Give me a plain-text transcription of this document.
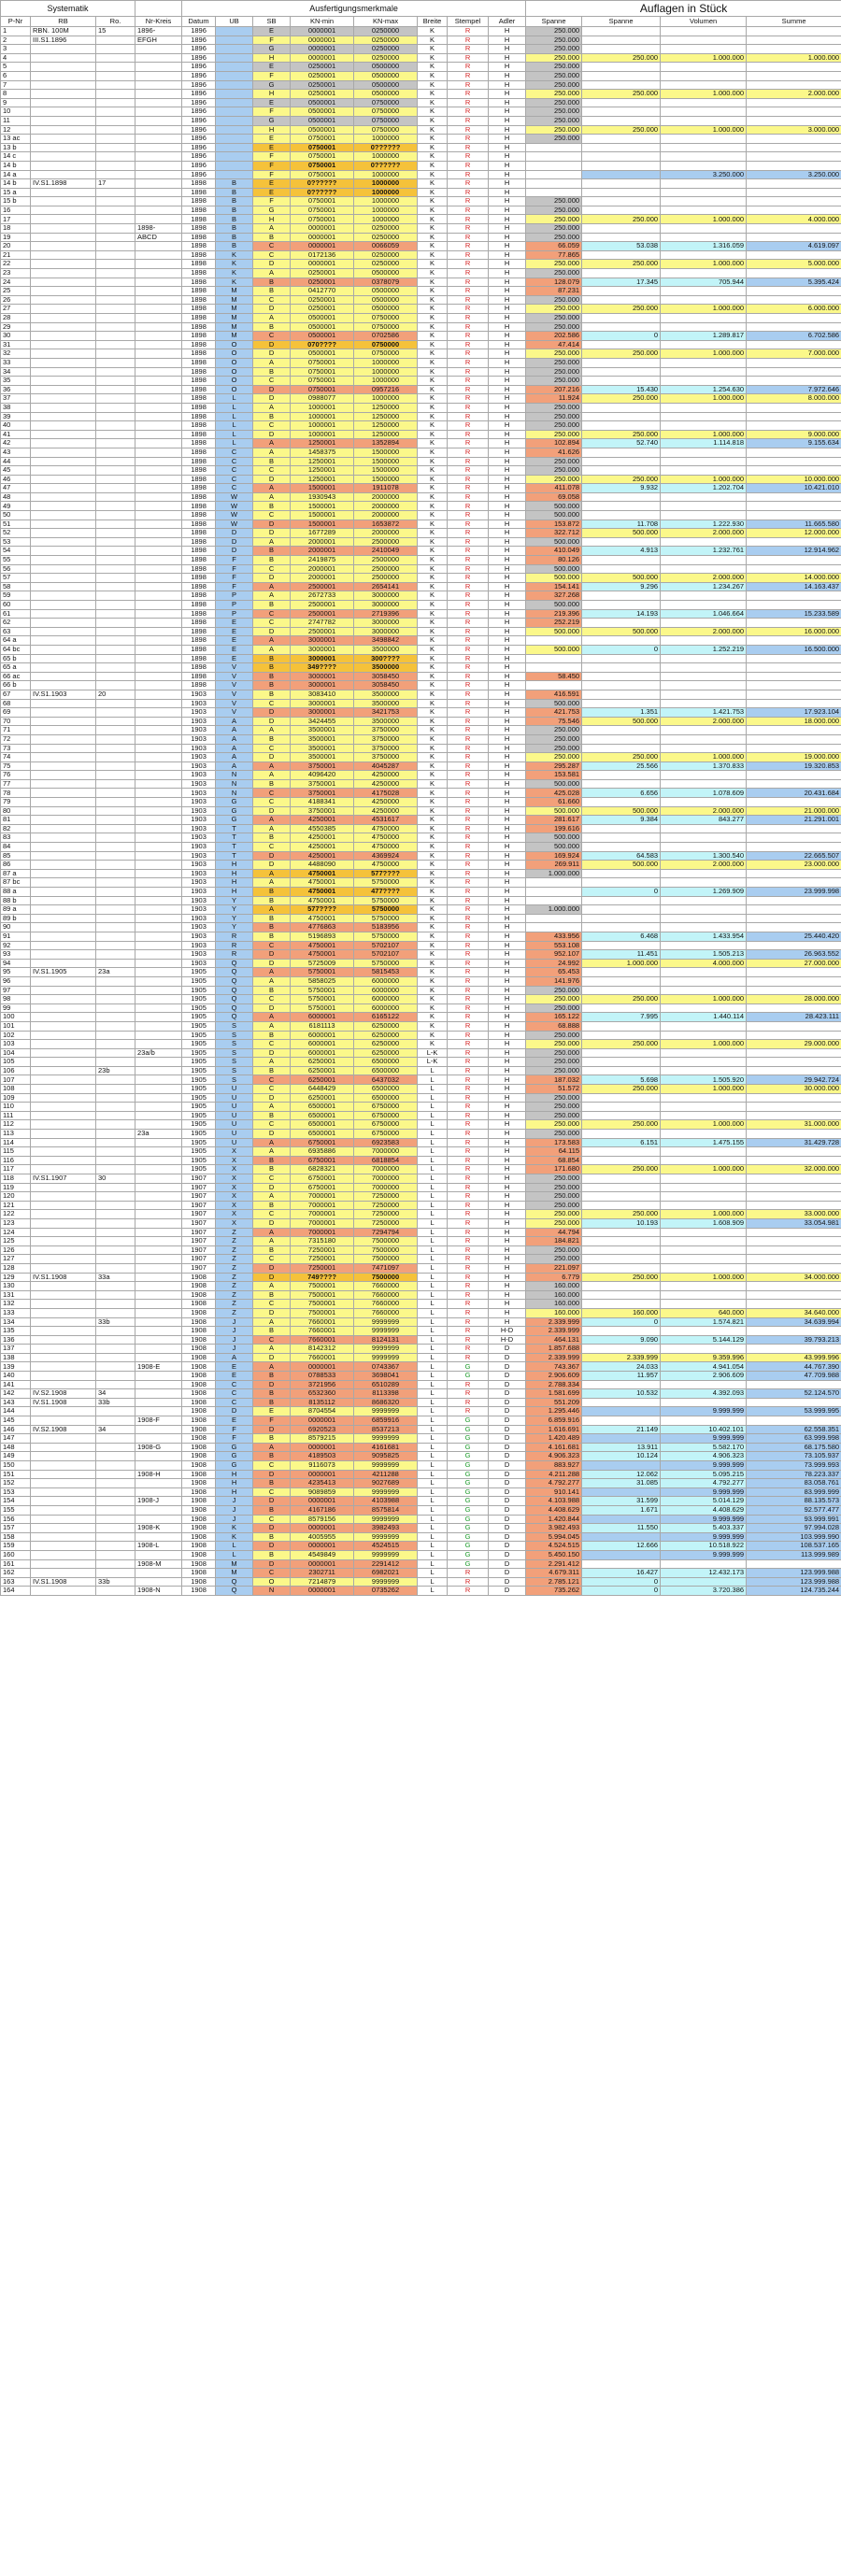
Systematik				Ausfertigungsmerkmale								Auflagen in Stück			
P-Nr	RB	Ro.	Nr-Kreis	Datum	UB	SB	KN-min	KN-max	Breite	Stempel	Adler	Spanne	Spanne	Volumen	Summe
1	RBN. 100M	15	1896-	1896		E	0000001	0250000	K	R	H	250.000			
2	III.S1.1896		EFGH	1896		F	0000001	0250000	K	R	H	250.000			
3				1896		G	0000001	0250000	K	R	H	250.000			
4				1896		H	0000001	0250000	K	R	H	250.000	250.000	1.000.000	1.000.000
5				1896		E	0250001	0500000	K	R	H	250.000			
6				1896		F	0250001	0500000	K	R	H	250.000			
7				1896		G	0250001	0500000	K	R	H	250.000			
8				1896		H	0250001	0500000	K	R	H	250.000	250.000	1.000.000	2.000.000
9				1896		E	0500001	0750000	K	R	H	250.000			
10				1896		F	0500001	0750000	K	R	H	250.000			
11				1896		G	0500001	0750000	K	R	H	250.000			
12				1896		H	0500001	0750000	K	R	H	250.000	250.000	1.000.000	3.000.000
13 ac				1896		E	0750001	1000000	K	R	H	250.000			
13 b				1896		E	0750001	0??????	K	R	H				
14 c				1896		F	0750001	1000000	K	R	H				
14 b				1896		F	0750001	0??????	K	R	H				
14 a				1896		F	0750001	1000000	K	R	H			3.250.000	3.250.000
14 b	IV.S1.1898	17		1898	B	E	0??????	1000000	K	R	H				
15 a				1898	B	E	0??????	1000000	K	R	H				
15 b				1898	B	F	0750001	1000000	K	R	H	250.000			
16				1898	B	G	0750001	1000000	K	R	H	250.000			
17				1898	B	H	0750001	1000000	K	R	H	250.000	250.000	1.000.000	4.000.000
18			1898-	1898	B	A	0000001	0250000	K	R	H	250.000			
19			ABCD	1898	B	B	0000001	0250000	K	R	H	250.000			
20				1898	B	C	0000001	0066059	K	R	H	66.059	53.038	1.316.059	4.619.097
21				1898	K	C	0172136	0250000	K	R	H	77.865			
22				1898	K	D	0000001	0250000	K	R	H	250.000	250.000	1.000.000	5.000.000
23				1898	K	A	0250001	0500000	K	R	H	250.000			
24				1898	K	B	0250001	0378079	K	R	H	128.079	17.345	705.944	5.395.424
25				1898	M	B	0412770	0500000	K	R	H	87.231			
26				1898	M	C	0250001	0500000	K	R	H	250.000			
27				1898	M	D	0250001	0500000	K	R	H	250.000	250.000	1.000.000	6.000.000
28				1898	M	A	0500001	0750000	K	R	H	250.000			
29				1898	M	B	0500001	0750000	K	R	H	250.000			
30				1898	M	C	0500001	0702586	K	R	H	202.586	0	1.289.817	6.702.586
31				1898	O	D	070????	0750000	K	R	H	47.414			
32				1898	O	D	0500001	0750000	K	R	H	250.000	250.000	1.000.000	7.000.000
33				1898	O	A	0750001	1000000	K	R	H	250.000			
34				1898	O	B	0750001	1000000	K	R	H	250.000			
35				1898	O	C	0750001	1000000	K	R	H	250.000			
36				1898	O	D	0750001	0957216	K	R	H	207.216	15.430	1.254.630	7.972.646
37				1898	L	D	0988077	1000000	K	R	H	11.924	250.000	1.000.000	8.000.000
38				1898	L	A	1000001	1250000	K	R	H	250.000			
39				1898	L	B	1000001	1250000	K	R	H	250.000			
40				1898	L	C	1000001	1250000	K	R	H	250.000			
41				1898	L	D	1000001	1250000	K	R	H	250.000	250.000	1.000.000	9.000.000
42				1898	L	A	1250001	1352894	K	R	H	102.894	52.740	1.114.818	9.155.634
43				1898	C	A	1458375	1500000	K	R	H	41.626			
44				1898	C	B	1250001	1500000	K	R	H	250.000			
45				1898	C	C	1250001	1500000	K	R	H	250.000			
46				1898	C	D	1250001	1500000	K	R	H	250.000	250.000	1.000.000	10.000.000
47				1898	C	A	1500001	1911078	K	R	H	411.078	9.932	1.202.704	10.421.010
48				1898	W	A	1930943	2000000	K	R	H	69.058			
49				1898	W	B	1500001	2000000	K	R	H	500.000			
50				1898	W	C	1500001	2000000	K	R	H	500.000			
51				1898	W	D	1500001	1653872	K	R	H	153.872	11.708	1.222.930	11.665.580
52				1898	D	D	1677289	2000000	K	R	H	322.712	500.000	2.000.000	12.000.000
53				1898	D	A	2000001	2500000	K	R	H	500.000			
54				1898	D	B	2000001	2410049	K	R	H	410.049	4.913	1.232.761	12.914.962
55				1898	F	B	2419875	2500000	K	R	H	80.126			
56				1898	F	C	2000001	2500000	K	R	H	500.000			
57				1898	F	D	2000001	2500000	K	R	H	500.000	500.000	2.000.000	14.000.000
58				1898	F	A	2500001	2654141	K	R	H	154.141	9.296	1.234.267	14.163.437
59				1898	P	A	2672733	3000000	K	R	H	327.268			
60				1898	P	B	2500001	3000000	K	R	H	500.000			
61				1898	P	C	2500001	2719396	K	R	H	219.396	14.193	1.046.664	15.233.589
62				1898	E	C	2747782	3000000	K	R	H	252.219			
63				1898	E	D	2500001	3000000	K	R	H	500.000	500.000	2.000.000	16.000.000
64 a				1898	E	A	3000001	3498842	K	R	H				
64 bc				1898	E	A	3000001	3500000	K	R	H	500.000	0	1.252.219	16.500.000
65 b				1898	E	B	3000001	300????	K	R	H				
65 a				1898	V	B	349????	3500000	K	R	H				
66 ac				1898	V	B	3000001	3058450	K	R	H	58.450			
66 b				1898	V	B	3000001	3058450	K	R	H				
67	IV.S1.1903	20		1903	V	B	3083410	3500000	K	R	H	416.591			
68				1903	V	C	3000001	3500000	K	R	H	500.000			
69				1903	V	D	3000001	3421753	K	R	H	421.753	1.351	1.421.753	17.923.104
70				1903	A	D	3424455	3500000	K	R	H	75.546	500.000	2.000.000	18.000.000
71				1903	A	A	3500001	3750000	K	R	H	250.000			
72				1903	A	B	3500001	3750000	K	R	H	250.000			
73				1903	A	C	3500001	3750000	K	R	H	250.000			
74				1903	A	D	3500001	3750000	K	R	H	250.000	250.000	1.000.000	19.000.000
75				1903	A	A	3750001	4045287	K	R	H	295.287	25.566	1.370.833	19.320.853
76				1903	N	A	4096420	4250000	K	R	H	153.581			
77				1903	N	B	3750001	4250000	K	R	H	500.000			
78				1903	N	C	3750001	4175028	K	R	H	425.028	6.656	1.078.609	20.431.684
79				1903	G	C	4188341	4250000	K	R	H	61.660			
80				1903	G	D	3750001	4250000	K	R	H	500.000	500.000	2.000.000	21.000.000
81				1903	G	A	4250001	4531617	K	R	H	281.617	9.384	843.277	21.291.001
82				1903	T	A	4550385	4750000	K	R	H	199.616			
83				1903	T	B	4250001	4750000	K	R	H	500.000			
84				1903	T	C	4250001	4750000	K	R	H	500.000			
85				1903	T	D	4250001	4369924	K	R	H	169.924	64.583	1.300.540	22.665.507
86				1903	H	D	4488090	4750000	K	R	H	269.911	500.000	2.000.000	23.000.000
87 a				1903	H	A	4750001	577????	K	R	H	1.000.000			
87 bc				1903	H	A	4750001	5750000	K	R	H				
88 a				1903	H	B	4750001	477????	K	R	H		0	1.269.909	23.999.998
88 b				1903	Y	B	4750001	5750000	K	R	H				
89 a				1903	Y	A	577????	5750000	K	R	H	1.000.000			
89 b				1903	Y	B	4750001	5750000	K	R	H				
90				1903	Y	B	4776863	5183956	K	R	H				
91				1903	R	B	5196893	5750000	K	R	H	433.956	6.468	1.433.954	25.440.420
92				1903	R	C	4750001	5702107	K	R	H	553.108			
93				1903	R	D	4750001	5702107	K	R	H	952.107	11.451	1.505.213	26.963.552
94				1903	Q	D	5725009	5750000	K	R	H	24.992	1.000.000	4.000.000	27.000.000
95	IV.S1.1905	23a		1905	Q	A	5750001	5815453	K	R	H	65.453			
96				1905	Q	A	5858025	6000000	K	R	H	141.976			
97				1905	Q	B	5750001	6000000	K	R	H	250.000			
98				1905	Q	C	5750001	6000000	K	R	H	250.000	250.000	1.000.000	28.000.000
99				1905	Q	D	5750001	6000000	K	R	H	250.000			
100				1905	Q	A	6000001	6165122	K	R	H	165.122	7.995	1.440.114	28.423.111
101				1905	S	A	6181113	6250000	K	R	H	68.888			
102				1905	S	B	6000001	6250000	K	R	H	250.000			
103				1905	S	C	6000001	6250000	K	R	H	250.000	250.000	1.000.000	29.000.000
104			23a/b	1905	S	D	6000001	6250000	L-K	R	H	250.000			
105				1905	S	A	6250001	6500000	L-K	R	H	250.000			
106		23b		1905	S	B	6250001	6500000	L	R	H	250.000			
107				1905	S	C	6250001	6437032	L	R	H	187.032	5.698	1.505.920	29.942.724
108				1905	U	C	6448429	6500000	L	R	H	51.572	250.000	1.000.000	30.000.000
109				1905	U	D	6250001	6500000	L	R	H	250.000			
110				1905	U	A	6500001	6750000	L	R	H	250.000			
111				1905	U	B	6500001	6750000	L	R	H	250.000			
112				1905	U	C	6500001	6750000	L	R	H	250.000	250.000	1.000.000	31.000.000
113			23a	1905	U	D	6500001	6750000	L	R	H	250.000			
114				1905	U	A	6750001	6923583	L	R	H	173.583	6.151	1.475.155	31.429.728
115				1905	X	A	6935886	7000000	L	R	H	64.115			
116				1905	X	B	6750001	6818854	L	R	H	68.854			
117				1905	X	B	6828321	7000000	L	R	H	171.680	250.000	1.000.000	32.000.000
118	IV.S1.1907	30		1907	X	C	6750001	7000000	L	R	H	250.000			
119				1907	X	D	6750001	7000000	L	R	H	250.000			
120				1907	X	A	7000001	7250000	L	R	H	250.000			
121				1907	X	B	7000001	7250000	L	R	H	250.000			
122				1907	X	C	7000001	7250000	L	R	H	250.000	250.000	1.000.000	33.000.000
123				1907	X	D	7000001	7250000	L	R	H	250.000	10.193	1.608.909	33.054.981
124				1907	Z	A	7000001	7294794	L	R	H	44.794			
125				1907	Z	A	7315180	7500000	L	R	H	184.821			
126				1907	Z	B	7250001	7500000	L	R	H	250.000			
127				1907	Z	C	7250001	7500000	L	R	H	250.000			
128				1907	Z	D	7250001	7471097	L	R	H	221.097			
129	IV.S1.1908	33a		1908	Z	D	749????	7500000	L	R	H	6.779	250.000	1.000.000	34.000.000
130				1908	Z	A	7500001	7660000	L	R	H	160.000			
131				1908	Z	B	7500001	7660000	L	R	H	160.000			
132				1908	Z	C	7500001	7660000	L	R	H	160.000			
133				1908	Z	D	7500001	7660000	L	R	H	160.000	160.000	640.000	34.640.000
134		33b		1908	J	A	7660001	9999999	L	R	H	2.339.999	0	1.574.821	34.639.994
135				1908	J	B	7660001	9999999	L	R	H-D	2.339.999			
136				1908	J	C	7660001	8124131	L	R	H-D	464.131	9.090	5.144.129	39.793.213
137				1908	J	A	8142312	9999999	L	R	D	1.857.688			
138				1908	A	D	7660001	9999999	L	R	D	2.339.999	2.339.999	9.359.996	43.999.996
139			1908-E	1908	E	A	0000001	0743367	L	G	D	743.367	24.033	4.941.054	44.767.390
140				1908	E	B	0788533	3698041	L	G	D	2.906.609	11.957	2.906.609	47.709.988
141				1908	C	D	3721956	6510289	L	R	D	2.788.334			
142	IV.S2.1908	34		1908	C	B	6532360	8113398	L	R	D	1.581.699	10.532	4.392.093	52.124.570
143	IV.S1.1908	33b		1908	C	B	8135112	8686320	L	R	D	551.209			
144				1908	D	E	8704554	9999999	L	R	D	1.295.446		9.999.999	53.999.995
145			1908-F	1908	E	F	0000001	6859916	L	G	D	6.859.916			
146	IV.S2.1908	34		1908	F	D	6920523	8537213	L	G	D	1.616.691	21.149	10.402.101	62.558.351
147				1908	F	B	8579215	9999999	L	G	D	1.420.489		9.999.999	63.999.998
148			1908-G	1908	G	A	0000001	4161681	L	G	D	4.161.681	13.911	5.582.170	68.175.580
149				1908	G	B	4189503	9095825	L	G	D	4.906.323	10.124	4.906.323	73.105.937
150				1908	G	C	9116073	9999999	L	G	D	883.927		9.999.999	73.999.993
151			1908-H	1908	H	D	0000001	4211288	L	G	D	4.211.288	12.062	5.095.215	78.223.337
152				1908	H	B	4235413	9027689	L	G	D	4.792.277	31.085	4.792.277	83.058.761
153				1908	H	C	9089859	9999999	L	G	D	910.141		9.999.999	83.999.999
154			1908-J	1908	J	D	0000001	4103988	L	G	D	4.103.988	31.599	5.014.129	88.135.573
155				1908	J	B	4167186	8575814	L	G	D	4.408.629	1.671	4.408.629	92.577.477
156				1908	J	C	8579156	9999999	L	G	D	1.420.844		9.999.999	93.999.991
157			1908-K	1908	K	D	0000001	3982493	L	G	D	3.982.493	11.550	5.403.337	97.994.028
158				1908	K	B	4005955	9999999	L	G	D	5.994.045		9.999.999	103.999.990
159			1908-L	1908	L	D	0000001	4524515	L	G	D	4.524.515	12.666	10.518.922	108.537.165
160				1908	L	B	4549849	9999999	L	G	D	5.450.150		9.999.999	113.999.989
161			1908-M	1908	M	D	0000001	2291412	L	G	D	2.291.412			
162				1908	M	C	2302711	6982021	L	R	D	4.679.311	16.427	12.432.173	123.999.988
163	IV.S1.1908	33b		1908	Q	O	7214879	9999999	L	R	D	2.785.121	0		123.999.988
164			1908-N	1908	Q	N	0000001	0735262	L	R	D	735.262	0	3.720.386	124.735.244
